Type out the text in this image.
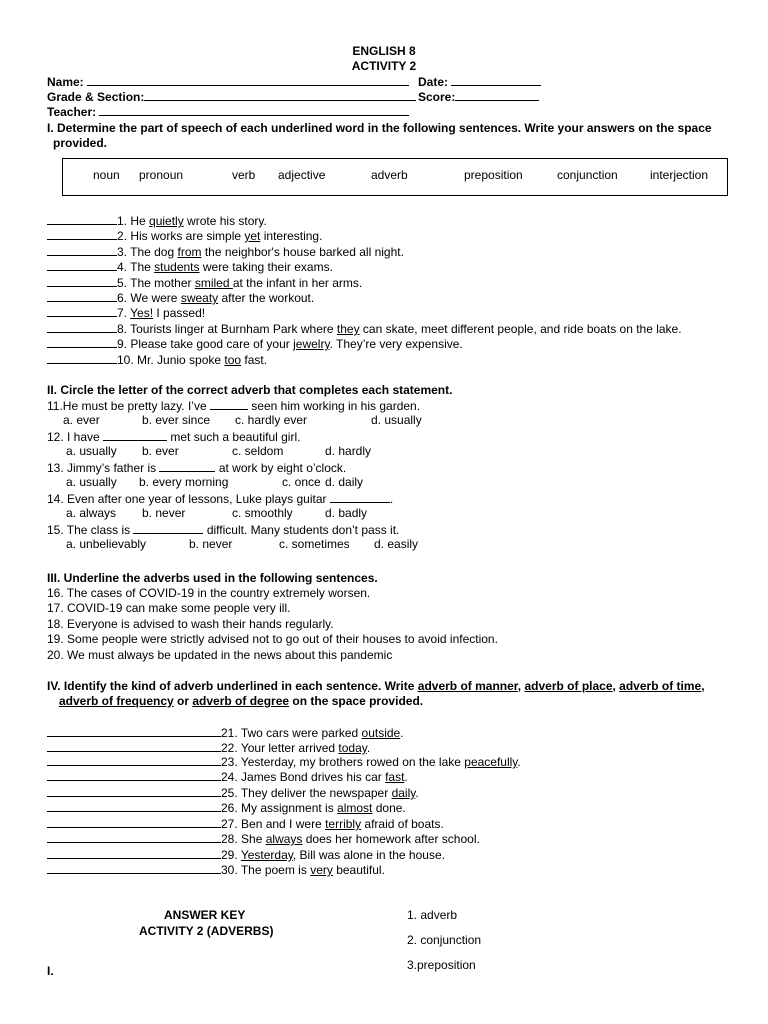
ENGLISH 8
ACTIVITY 2
Name:	Date:
Grade & Section:	Score:
Teacher:
I. Determine the part of speech of each underlined word in the following sentences. Write your answers on the space
provided.
noun pronoun	verb adjective	adverb	preposition	conjunction	interjection
1. He quietly wrote his story.
2. His works are simple yet interesting.
3. The dog from the neighbor's house barked all night.
4. The students were taking their exams.
5. The mother smiled at the infant in her arms.
6. We were sweaty after the workout.
7. Yes! I passed!
8. Tourists linger at Burnham Park where they can skate, meet different people, and ride boats on the lake.
9. Please take good care of your jewelry. They’re very expensive.
10. Mr. Junio spoke too fast.
II. Circle the letter of the correct adverb that completes each statement.
11.He must be pretty lazy. I’ve	seen him working in his garden.
a. ever	b. ever since c. hardly ever	d. usually
12. I have	met such a beautiful girl.
a. usually b. ever	c. seldom	d. hardly
13. Jimmy’s father is	at work by eight o’clock.
a. usually b. every morning	c. once d. daily
14. Even after one year of lessons, Luke plays guitar	.
a. always b. never	c. smoothly	d. badly
15. The class is	difficult. Many students don’t pass it.
a. unbelievably	b. never	c. sometimes d. easily
III. Underline the adverbs used in the following sentences.
16. The cases of COVID-19 in the country extremely worsen.
17. COVID-19 can make some people very ill.
18. Everyone is advised to wash their hands regularly.
19. Some people were strictly advised not to go out of their houses to avoid infection.
20. We must always be updated in the news about this pandemic
IV. Identify the kind of adverb underlined in each sentence. Write adverb of manner, adverb of place, adverb of time,
adverb of frequency or adverb of degree on the space provided.
21. Two cars were parked outside.
22. Your letter arrived today.
23. Yesterday, my brothers rowed on the lake peacefully.
24. James Bond drives his car fast.
25. They deliver the newspaper daily.
26. My assignment is almost done.
27. Ben and I were terribly afraid of boats.
28. She always does her homework after school.
29. Yesterday, Bill was alone in the house.
30. The poem is very beautiful.
ANSWER KEY
ACTIVITY 2 (ADVERBS)
I.
1. adverb
2. conjunction
3.preposition
